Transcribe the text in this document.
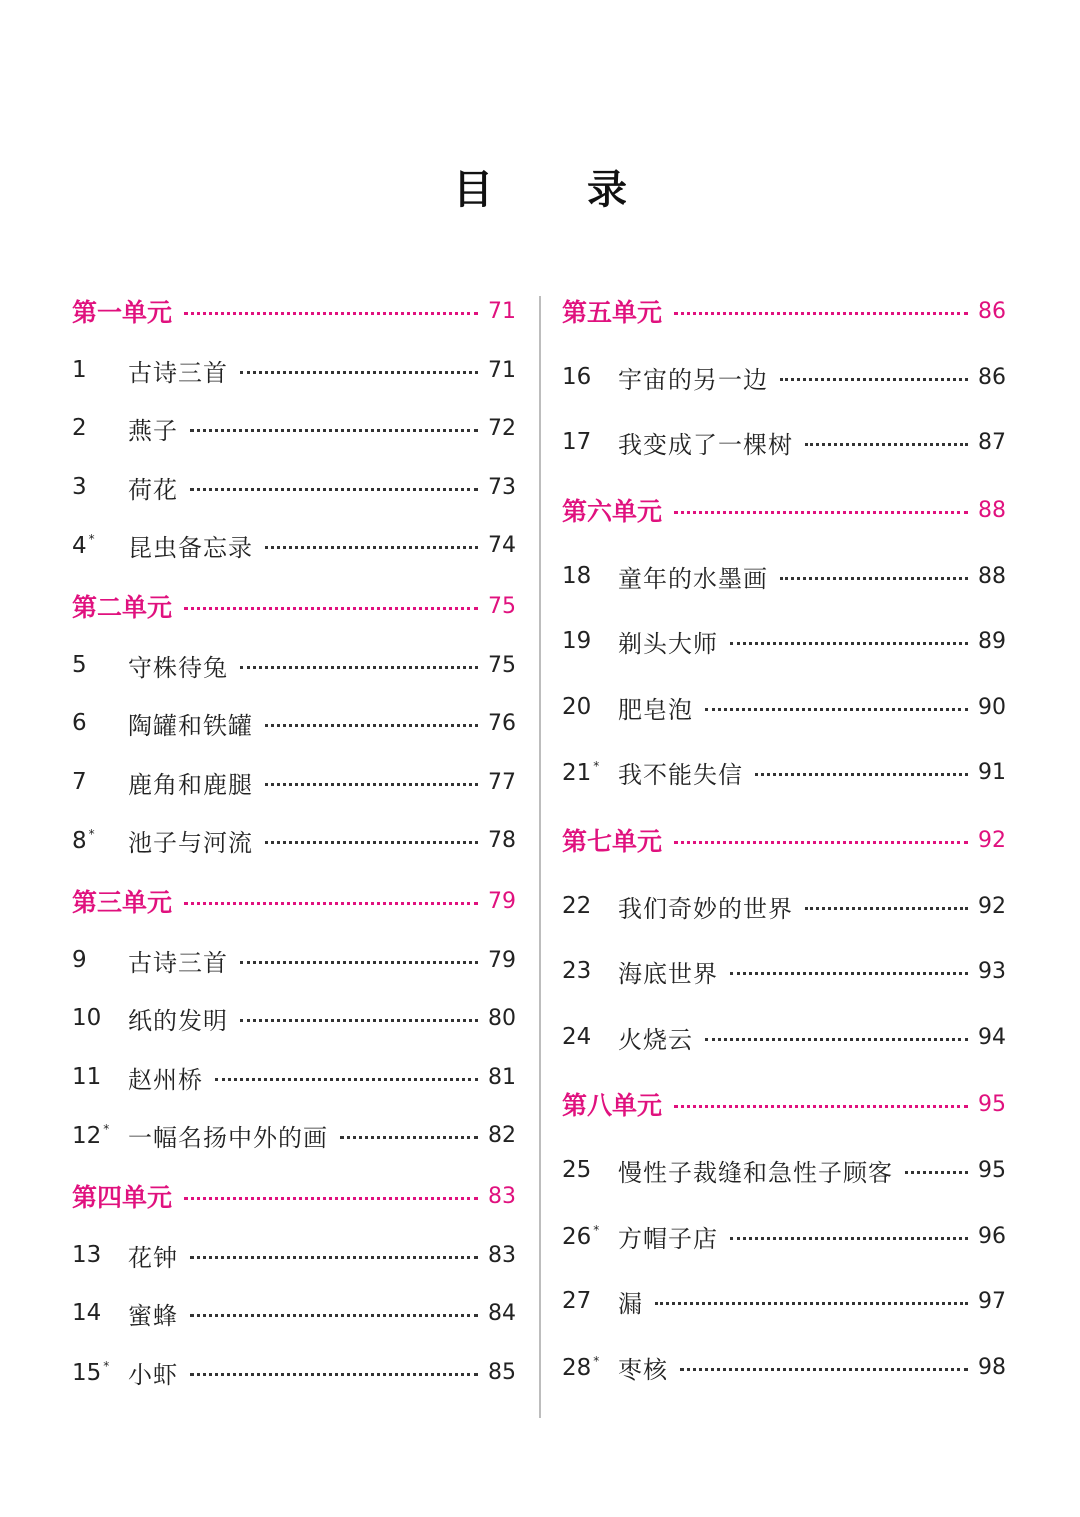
目 录
第一单元	71
1	古诗三首	71
2	燕子	72
3	荷花	73
4 *	昆虫备忘录	74
第二单元	75
5	守株待兔	75
6	陶罐和铁罐	76
7	鹿角和鹿腿	77
8 *	池子与河流	78
第三单元	79
9	古诗三首	79
10	纸的发明	80
11	赵州桥	81
12 * 一幅名扬中外的画	82
第四单元	83
13	花钟	83
14	蜜蜂	84
15 * 小虾	85
第五单元	86
16	宇宙的另一边	86
17	我变成了一棵树	87
第六单元	88
18	童年的水墨画	88
19	剃头大师	89
20	肥皂泡	90
21 * 我不能失信	91
第七单元	92
22	我们奇妙的世界	92
23	海底世界	93
24	火烧云	94
第八单元	95
25	慢性子裁缝和急性子顾客	95
26 * 方帽子店	96
27	漏	97
28 * 枣核	98
